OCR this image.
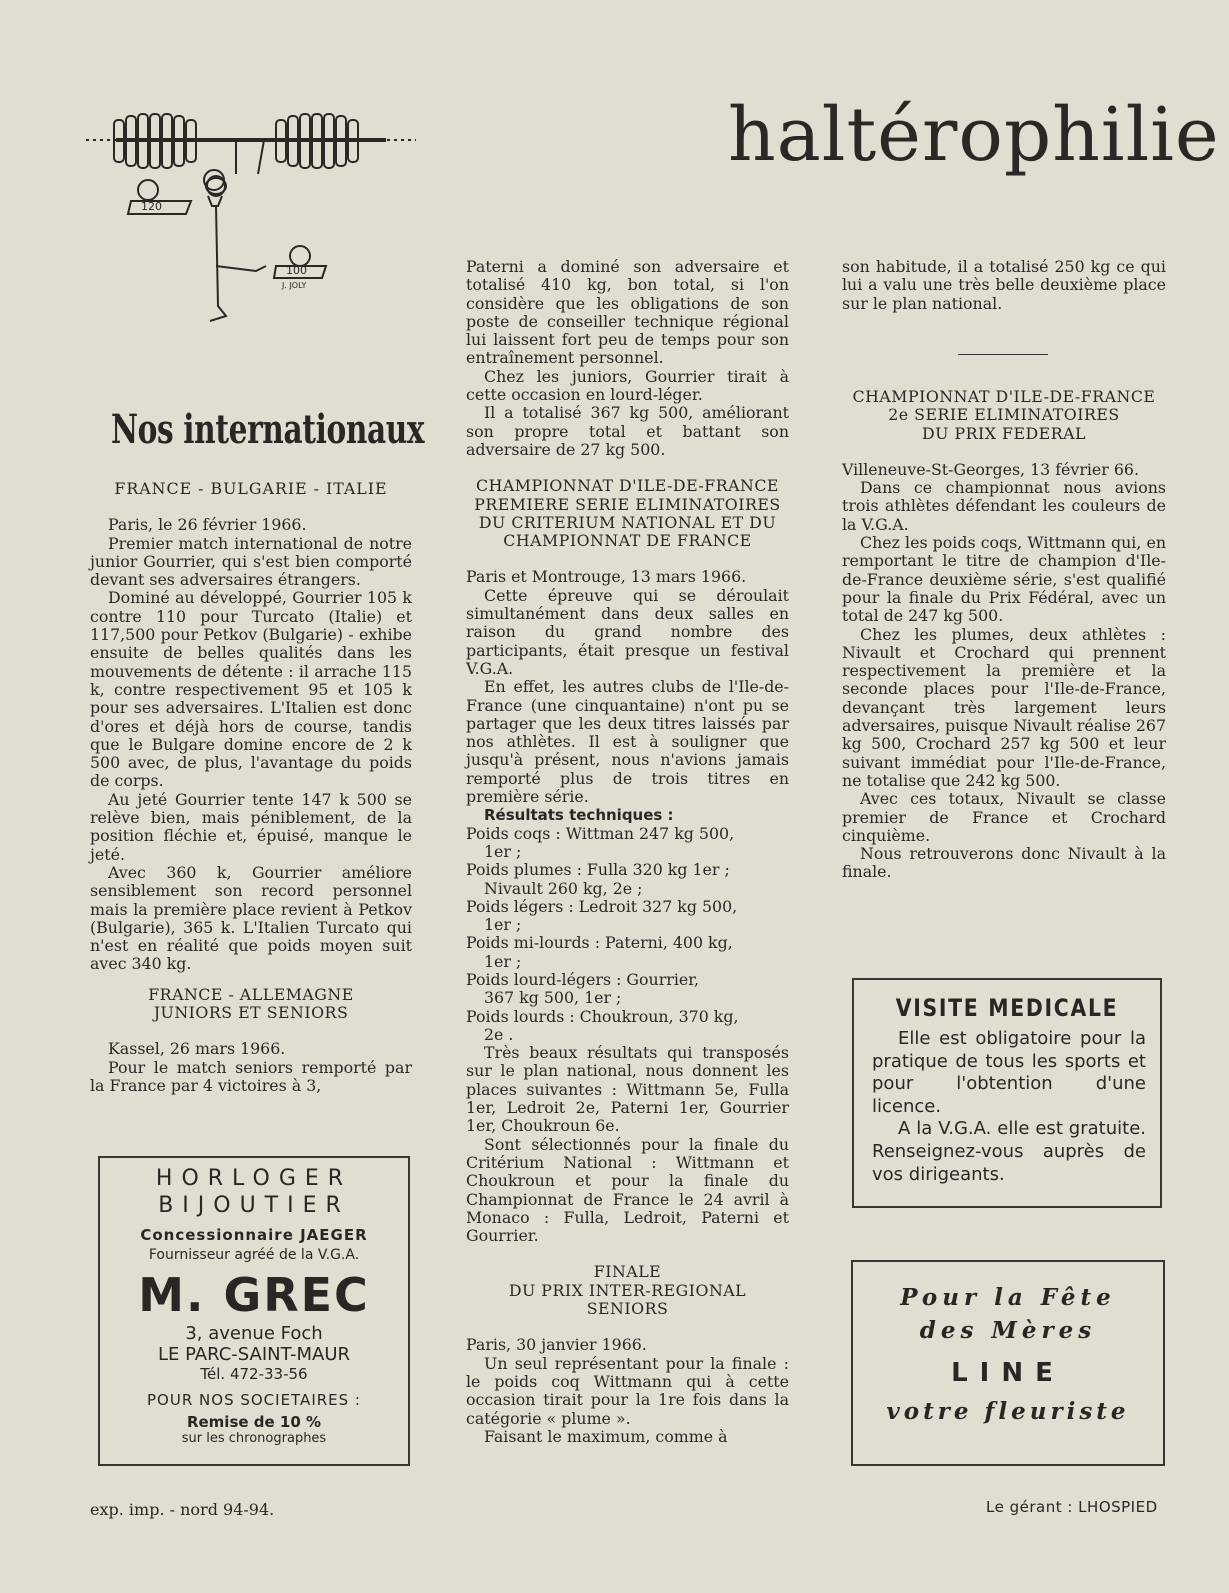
haltérophilie
120
100
J. JOLY
Nos internationaux

FRANCE - BULGARIE - ITALIE

Paris, le 26 février 1966.

Premier match international de notre junior Gourrier, qui s'est bien comporté devant ses adversaires étrangers.

Dominé au développé, Gourrier 105 k contre 110 pour Turcato (Italie) et 117,500 pour Petkov (Bulgarie) - exhibe ensuite de belles qualités dans les mouvements de détente : il arrache 115 k, contre respectivement 95 et 105 k pour ses adversaires. L'Italien est donc d'ores et déjà hors de course, tandis que le Bulgare domine encore de 2 k 500 avec, de plus, l'avantage du poids de corps.

Au jeté Gourrier tente 147 k 500 se relève bien, mais péniblement, de la position fléchie et, épuisé, manque le jeté.

Avec 360 k, Gourrier améliore sensiblement son record personnel mais la première place revient à Petkov (Bulgarie), 365 k. L'Italien Turcato qui n'est en réalité que poids moyen suit avec 340 kg.

FRANCE - ALLEMAGNE

JUNIORS ET SENIORS

Kassel, 26 mars 1966.

Pour le match seniors remporté par la France par 4 victoires à 3,

HORLOGER
BIJOUTIER
Concessionnaire JAEGER
Fournisseur agréé de la V.G.A.
M. GREC
3, avenue Foch
LE PARC-SAINT-MAUR
Tél. 472-33-56
POUR NOS SOCIETAIRES :
Remise de 10 %
sur les chronographes

Paterni a dominé son adversaire et totalisé 410 kg, bon total, si l'on considère que les obligations de son poste de conseiller technique régional lui laissent fort peu de temps pour son entraînement personnel.

Chez les juniors, Gourrier tirait à cette occasion en lourd-léger.

Il a totalisé 367 kg 500, améliorant son propre total et battant son adversaire de 27 kg 500.

CHAMPIONNAT D'ILE-DE-FRANCE

PREMIERE SERIE ELIMINATOIRES

DU CRITERIUM NATIONAL ET DU

CHAMPIONNAT DE FRANCE

Paris et Montrouge, 13 mars 1966.

Cette épreuve qui se déroulait simultanément dans deux salles en raison du grand nombre des participants, était presque un festival V.G.A.

En effet, les autres clubs de l'Ile-de-France (une cinquantaine) n'ont pu se partager que les deux titres laissés par nos athlètes. Il est à souligner que jusqu'à présent, nous n'avions jamais remporté plus de trois titres en première série.

Résultats techniques :

Poids coqs : Wittman 247 kg 500,
1er ;

Poids plumes : Fulla 320 kg 1er ;
Nivault 260 kg, 2e ;

Poids légers : Ledroit 327 kg 500,
1er ;

Poids mi-lourds : Paterni, 400 kg,
1er ;

Poids lourd-légers : Gourrier,
367 kg 500, 1er ;

Poids lourds : Choukroun, 370 kg,
2e .

Très beaux résultats qui transposés sur le plan national, nous donnent les places suivantes : Wittmann 5e, Fulla 1er, Ledroit 2e, Paterni 1er, Gourrier 1er, Choukroun 6e.

Sont sélectionnés pour la finale du Critérium National : Wittmann et Choukroun et pour la finale du Championnat de France le 24 avril à Monaco : Fulla, Ledroit, Paterni et Gourrier.

FINALE

DU PRIX INTER-REGIONAL

SENIORS

Paris, 30 janvier 1966.

Un seul représentant pour la finale : le poids coq Wittmann qui à cette occasion tirait pour la 1re fois dans la catégorie « plume ».

Faisant le maximum, comme à

son habitude, il a totalisé 250 kg ce qui lui a valu une très belle deuxième place sur le plan national.

CHAMPIONNAT D'ILE-DE-FRANCE

2e SERIE ELIMINATOIRES

DU PRIX FEDERAL

Villeneuve-St-Georges, 13 février 66.

Dans ce championnat nous avions trois athlètes défendant les couleurs de la V.G.A.

Chez les poids coqs, Wittmann qui, en remportant le titre de champion d'Ile-de-France deuxième série, s'est qualifié pour la finale du Prix Fédéral, avec un total de 247 kg 500.

Chez les plumes, deux athlètes : Nivault et Crochard qui prennent respectivement la première et la seconde places pour l'Ile-de-France, devançant très largement leurs adversaires, puisque Nivault réalise 267 kg 500, Crochard 257 kg 500 et leur suivant immédiat pour l'Ile-de-France, ne totalise que 242 kg 500.

Avec ces totaux, Nivault se classe premier de France et Crochard cinquième.

Nous retrouverons donc Nivault à la finale.

VISITE MEDICALE
Elle est obligatoire pour la pratique de tous les sports et pour l'obtention d'une licence.
A la V.G.A. elle est gratuite. Renseignez-vous auprès de vos dirigeants.
Pour la Fête
des Mères
LINE
votre fleuriste
exp. imp. - nord 94-94.	Le gérant : LHOSPIED
